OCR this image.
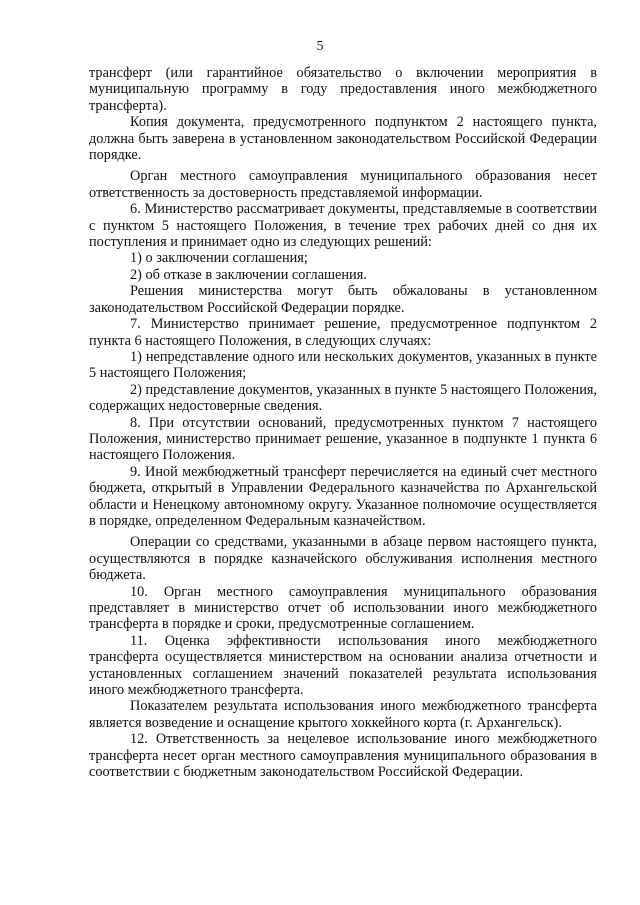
5

трансферт (или гарантийное обязательство о включении мероприятия в муниципальную программу в году предоставления иного межбюджетного трансферта).

Копия документа, предусмотренного подпунктом 2 настоящего пункта, должна быть заверена в установленном законодательством Российской Федерации порядке.

Орган местного самоуправления муниципального образования несет ответственность за достоверность представляемой информации.

6. Министерство рассматривает документы, представляемые в соответствии с пунктом 5 настоящего Положения, в течение трех рабочих дней со дня их поступления и принимает одно из следующих решений:

1) о заключении соглашения;

2) об отказе в заключении соглашения.

Решения министерства могут быть обжалованы в установленном законодательством Российской Федерации порядке.

7. Министерство принимает решение, предусмотренное подпунктом 2 пункта 6 настоящего Положения, в следующих случаях:

1) непредставление одного или нескольких документов, указанных в пункте 5 настоящего Положения;

2) представление документов, указанных в пункте 5 настоящего Положения, содержащих недостоверные сведения.

8. При отсутствии оснований, предусмотренных пунктом 7 настоящего Положения, министерство принимает решение, указанное в подпункте 1 пункта 6 настоящего Положения.

9. Иной межбюджетный трансферт перечисляется на единый счет местного бюджета, открытый в Управлении Федерального казначейства по Архангельской области и Ненецкому автономному округу. Указанное полномочие осуществляется в порядке, определенном Федеральным казначейством.

Операции со средствами, указанными в абзаце первом настоящего пункта, осуществляются в порядке казначейского обслуживания исполнения местного бюджета.

10. Орган местного самоуправления муниципального образования представляет в министерство отчет об использовании иного межбюджетного трансферта в порядке и сроки, предусмотренные соглашением.

11. Оценка эффективности использования иного межбюджетного трансферта осуществляется министерством на основании анализа отчетности и установленных соглашением значений показателей результата использования иного межбюджетного трансферта.

Показателем результата использования иного межбюджетного трансферта является возведение и оснащение крытого хоккейного корта (г. Архангельск).

12. Ответственность за нецелевое использование иного межбюджетного трансферта несет орган местного самоуправления муниципального образования в соответствии с бюджетным законодательством Российской Федерации.
